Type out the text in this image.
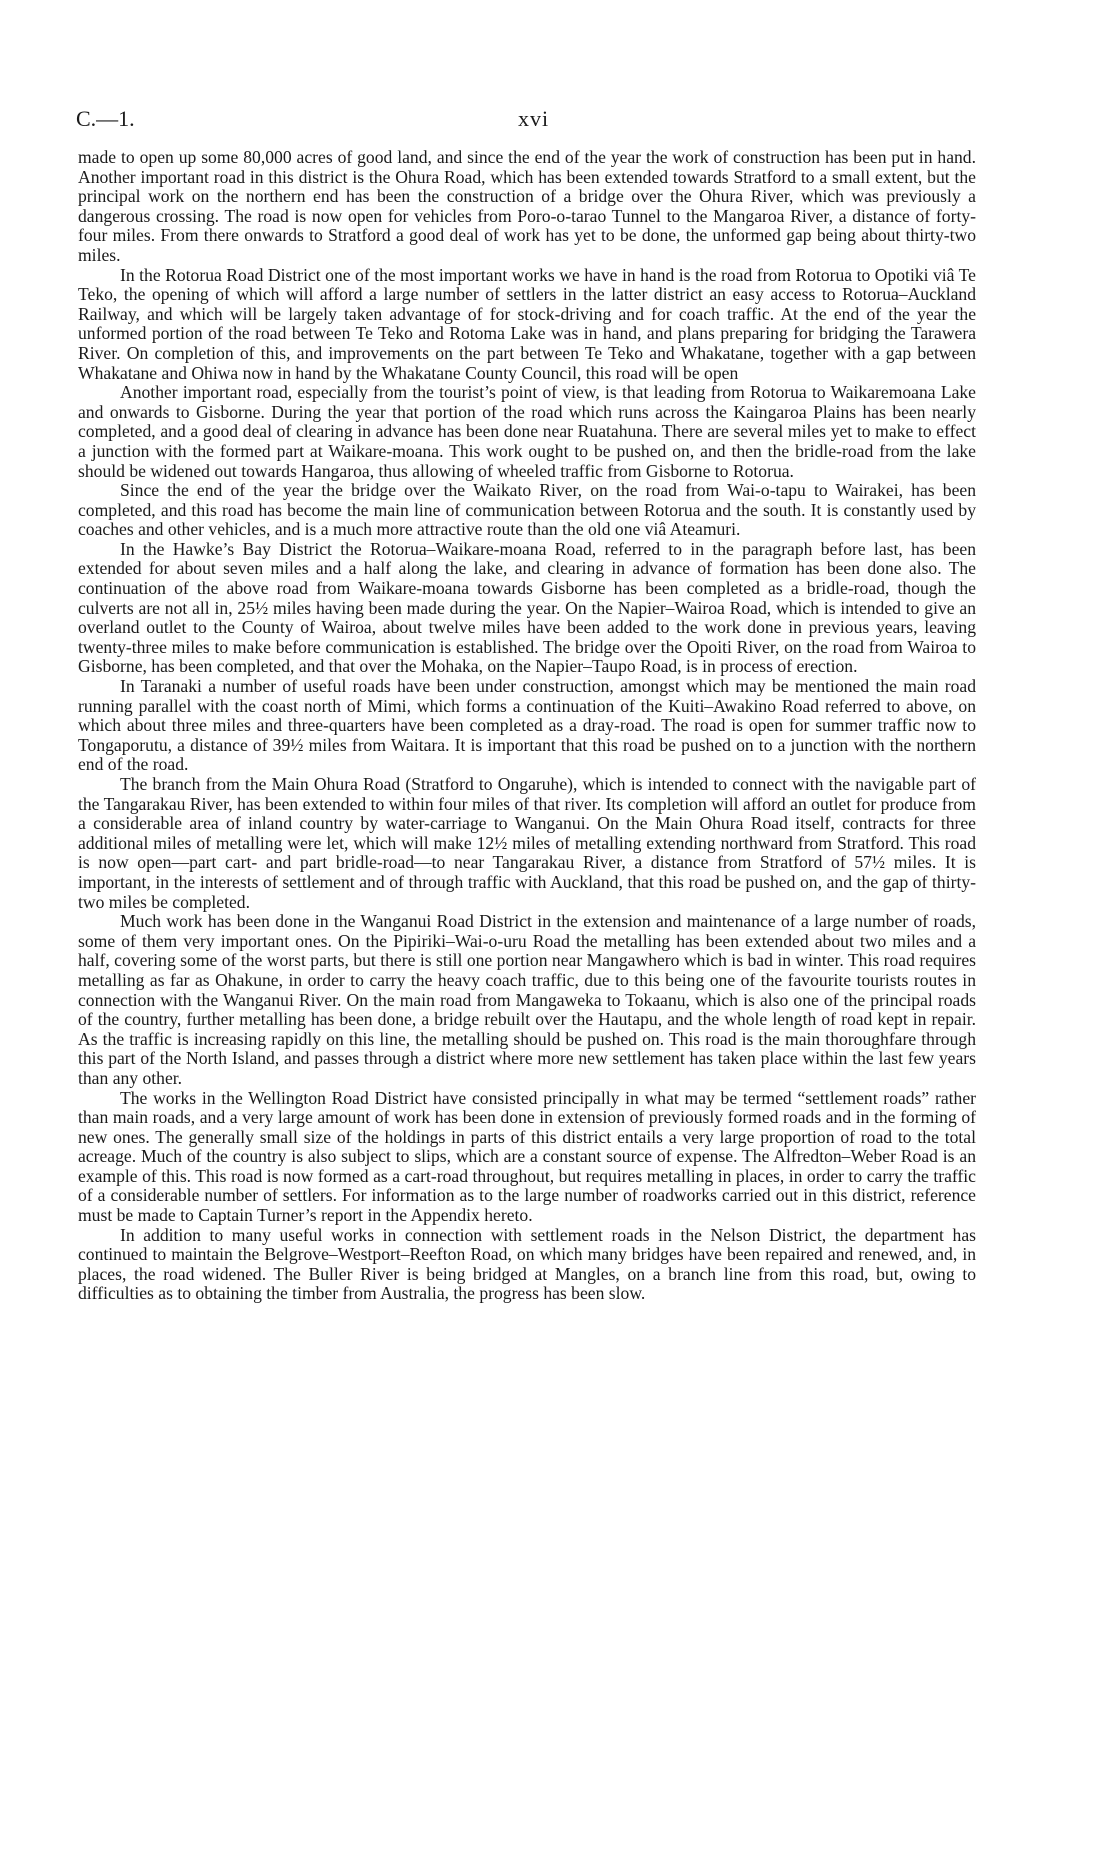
C.—1.	xvi

made to open up some 80,000 acres of good land, and since the end of the year the work of construction has been put in hand. Another important road in this district is the Ohura Road, which has been extended towards Stratford to a small extent, but the principal work on the northern end has been the construction of a bridge over the Ohura River, which was previously a dangerous crossing. The road is now open for vehicles from Poro-o-tarao Tunnel to the Mangaroa River, a distance of forty-four miles. From there onwards to Stratford a good deal of work has yet to be done, the unformed gap being about thirty-two miles.

In the Rotorua Road District one of the most important works we have in hand is the road from Rotorua to Opotiki viâ Te Teko, the opening of which will afford a large number of settlers in the latter district an easy access to Rotorua–Auckland Railway, and which will be largely taken advantage of for stock-driving and for coach traffic. At the end of the year the unformed portion of the road between Te Teko and Rotoma Lake was in hand, and plans preparing for bridging the Tarawera River. On completion of this, and improvements on the part between Te Teko and Whakatane, together with a gap between Whakatane and Ohiwa now in hand by the Whakatane County Council, this road will be open

Another important road, especially from the tourist’s point of view, is that leading from Rotorua to Waikaremoana Lake and onwards to Gisborne. During the year that portion of the road which runs across the Kaingaroa Plains has been nearly completed, and a good deal of clearing in advance has been done near Ruatahuna. There are several miles yet to make to effect a junction with the formed part at Waikare-moana. This work ought to be pushed on, and then the bridle-road from the lake should be widened out towards Hangaroa, thus allowing of wheeled traffic from Gisborne to Rotorua.

Since the end of the year the bridge over the Waikato River, on the road from Wai-o-tapu to Wairakei, has been completed, and this road has become the main line of communication between Rotorua and the south. It is constantly used by coaches and other vehicles, and is a much more attractive route than the old one viâ Ateamuri.

In the Hawke’s Bay District the Rotorua–Waikare-moana Road, referred to in the paragraph before last, has been extended for about seven miles and a half along the lake, and clearing in advance of formation has been done also. The continuation of the above road from Waikare-moana towards Gisborne has been completed as a bridle-road, though the culverts are not all in, 25½ miles having been made during the year. On the Napier–Wairoa Road, which is intended to give an overland outlet to the County of Wairoa, about twelve miles have been added to the work done in previous years, leaving twenty-three miles to make before communication is established. The bridge over the Opoiti River, on the road from Wairoa to Gisborne, has been completed, and that over the Mohaka, on the Napier–Taupo Road, is in process of erection.

In Taranaki a number of useful roads have been under construction, amongst which may be mentioned the main road running parallel with the coast north of Mimi, which forms a continuation of the Kuiti–Awakino Road referred to above, on which about three miles and three-quarters have been completed as a dray-road. The road is open for summer traffic now to Tongaporutu, a distance of 39½ miles from Waitara. It is important that this road be pushed on to a junction with the northern end of the road.

The branch from the Main Ohura Road (Stratford to Ongaruhe), which is intended to connect with the navigable part of the Tangarakau River, has been extended to within four miles of that river. Its completion will afford an outlet for produce from a considerable area of inland country by water-carriage to Wanganui. On the Main Ohura Road itself, contracts for three additional miles of metalling were let, which will make 12½ miles of metalling extending northward from Stratford. This road is now open—part cart- and part bridle-road—to near Tangarakau River, a distance from Stratford of 57½ miles. It is important, in the interests of settlement and of through traffic with Auckland, that this road be pushed on, and the gap of thirty-two miles be completed.

Much work has been done in the Wanganui Road District in the extension and maintenance of a large number of roads, some of them very important ones. On the Pipiriki–Wai-o-uru Road the metalling has been extended about two miles and a half, covering some of the worst parts, but there is still one portion near Mangawhero which is bad in winter. This road requires metalling as far as Ohakune, in order to carry the heavy coach traffic, due to this being one of the favourite tourists routes in connection with the Wanganui River. On the main road from Mangaweka to Tokaanu, which is also one of the principal roads of the country, further metalling has been done, a bridge rebuilt over the Hautapu, and the whole length of road kept in repair. As the traffic is increasing rapidly on this line, the metalling should be pushed on. This road is the main thoroughfare through this part of the North Island, and passes through a district where more new settlement has taken place within the last few years than any other.

The works in the Wellington Road District have consisted principally in what may be termed “settlement roads” rather than main roads, and a very large amount of work has been done in extension of previously formed roads and in the forming of new ones. The generally small size of the holdings in parts of this district entails a very large proportion of road to the total acreage. Much of the country is also subject to slips, which are a constant source of expense. The Alfredton–Weber Road is an example of this. This road is now formed as a cart-road throughout, but requires metalling in places, in order to carry the traffic of a considerable number of settlers. For information as to the large number of roadworks carried out in this district, reference must be made to Captain Turner’s report in the Appendix hereto.

In addition to many useful works in connection with settlement roads in the Nelson District, the department has continued to maintain the Belgrove–Westport–Reefton Road, on which many bridges have been repaired and renewed, and, in places, the road widened. The Buller River is being bridged at Mangles, on a branch line from this road, but, owing to difficulties as to obtaining the timber from Australia, the progress has been slow.
